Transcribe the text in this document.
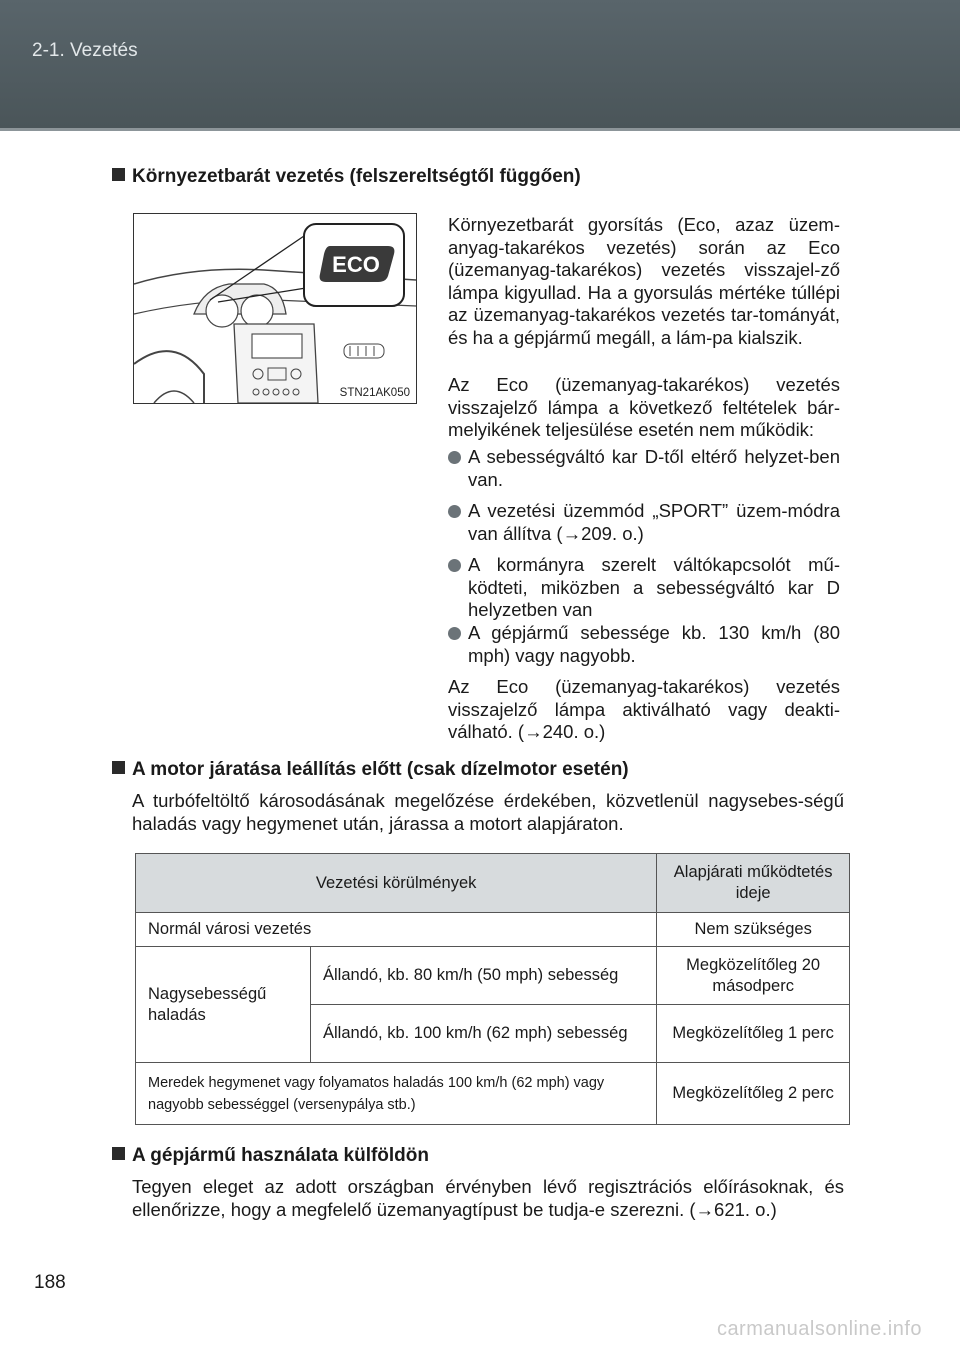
2-1. Vezetés
Környezetbarát vezetés (felszereltségtől függően)
ECO
STN21AK050
Környezetbarát gyorsítás (Eco, azaz üzem-anyag-takarékos vezetés) során az Eco (üzemanyag-takarékos) vezetés visszajel-ző lámpa kigyullad. Ha a gyorsulás mértéke túllépi az üzemanyag-takarékos vezetés tar-tományát, és ha a gépjármű megáll, a lám-pa kialszik.
Az Eco (üzemanyag-takarékos) vezetés visszajelző lámpa a következő feltételek bár-melyikének teljesülése esetén nem működik:
A sebességváltó kar D-től eltérő helyzet-ben van.
A vezetési üzemmód „SPORT” üzem-módra van állítva (→209. o.)
A kormányra szerelt váltókapcsolót mű-ködteti, miközben a sebességváltó kar D helyzetben van
A gépjármű sebessége kb. 130 km/h (80 mph) vagy nagyobb.
Az Eco (üzemanyag-takarékos) vezetés visszajelző lámpa aktiválható vagy deakti-válható. (→240. o.)
A motor járatása leállítás előtt (csak dízelmotor esetén)
A turbófeltöltő károsodásának megelőzése érdekében, közvetlenül nagysebes-ségű haladás vagy hegymenet után, járassa a motort alapjáraton.
Vezetési körülmények		Alapjárati működtetés ideje
Normál városi vezetés		Nem szükséges
Nagysebességű haladás	Állandó, kb. 80 km/h (50 mph) sebesség	Megközelítőleg 20 másodperc
	Állandó, kb. 100 km/h (62 mph) sebesség	Megközelítőleg 1 perc
Meredek hegymenet vagy folyamatos haladás 100 km/h (62 mph) vagy nagyobb sebességgel (versenypálya stb.)		Megközelítőleg 2 perc
A gépjármű használata külföldön
Tegyen eleget az adott országban érvényben lévő regisztrációs előírásoknak, és ellenőrizze, hogy a megfelelő üzemanyagtípust be tudja-e szerezni. (→621. o.)
188
carmanualsonline.info
